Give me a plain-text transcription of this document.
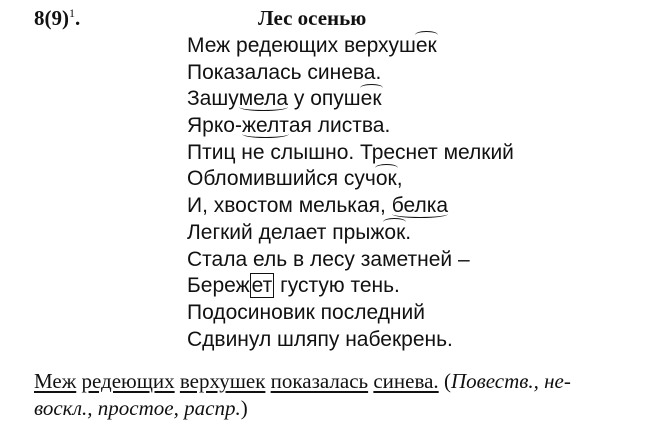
$8(9)^1$.	Лес осенью
Меж редеющих верхушек
Показалась синева.
Зашумела у опушек
Ярко-желтая листва.
Птиц не слышно. Треснет мелкий
Обломившийся сучок,
И, хвостом мелькая, белка
Легкий делает прыжок.
Стала ель в лесу заметней –
Бережет густую тень.
Подосиновик последний
Сдвинул шляпу набекрень.
Меж редеющих верхушек показалась синева. (Повеств., не-
воскл., простое, распр.)
